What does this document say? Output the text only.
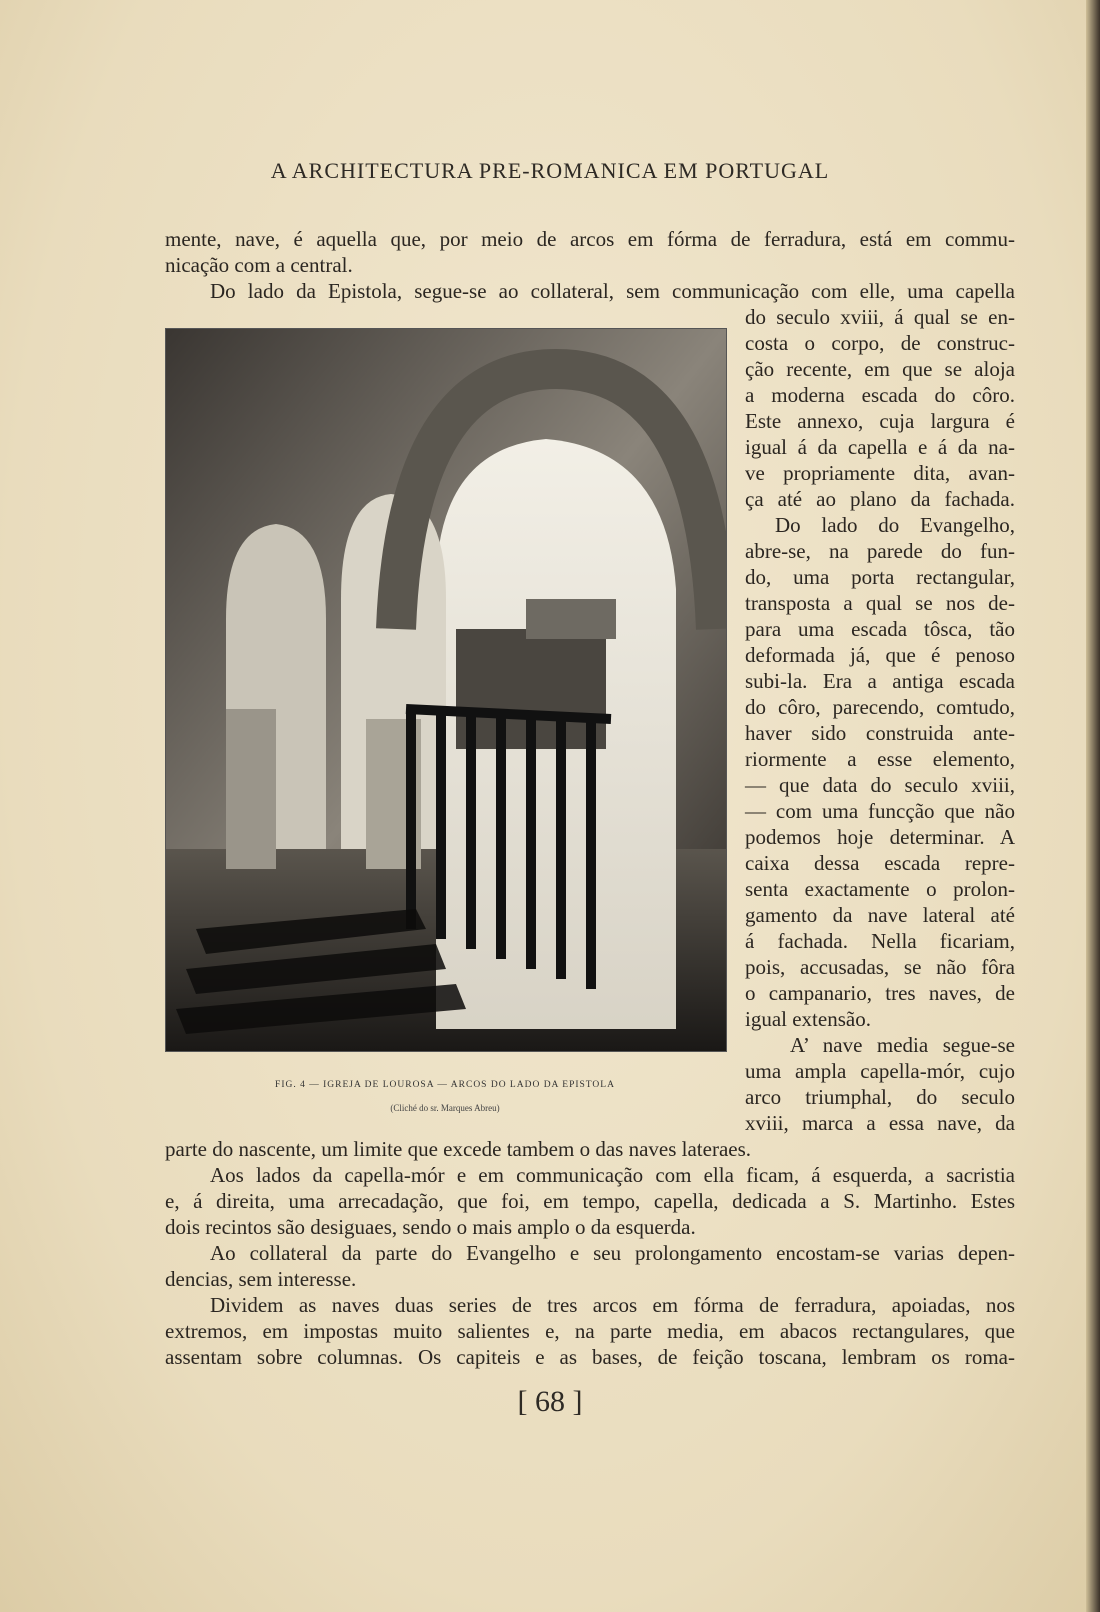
A ARCHITECTURA PRE-ROMANICA EM PORTUGAL
mente, nave, é aquella que, por meio de arcos em fórma de ferradura, está em commu-
nicação com a central.
Do lado da Epistola, segue-se ao collateral, sem communicação com elle, uma capella
FIG. 4 — IGREJA DE LOUROSA — ARCOS DO LADO DA EPISTOLA
(Cliché do sr. Marques Abreu)
do seculo xviii, á qual se en-
costa o corpo, de construc-
ção recente, em que se aloja
a moderna escada do côro.
Este annexo, cuja largura é
igual á da capella e á da na-
ve propriamente dita, avan-
ça até ao plano da fachada.
Do lado do Evangelho,
abre-se, na parede do fun-
do, uma porta rectangular,
transposta a qual se nos de-
para uma escada tôsca, tão
deformada já, que é penoso
subi-la. Era a antiga escada
do côro, parecendo, comtudo,
haver sido construida ante-
riormente a esse elemento,
— que data do seculo xviii,
— com uma funcção que não
podemos hoje determinar. A
caixa dessa escada repre-
senta exactamente o prolon-
gamento da nave lateral até
á fachada. Nella ficariam,
pois, accusadas, se não fôra
o campanario, tres naves, de
igual extensão.
A’ nave media segue-se
uma ampla capella-mór, cujo
arco triumphal, do seculo
xviii, marca a essa nave, da
parte do nascente, um limite que excede tambem o das naves lateraes.
Aos lados da capella-mór e em communicação com ella ficam, á esquerda, a sacristia
e, á direita, uma arrecadação, que foi, em tempo, capella, dedicada a S. Martinho. Estes
dois recintos são desiguaes, sendo o mais amplo o da esquerda.
Ao collateral da parte do Evangelho e seu prolongamento encostam-se varias depen-
dencias, sem interesse.
Dividem as naves duas series de tres arcos em fórma de ferradura, apoiadas, nos
extremos, em impostas muito salientes e, na parte media, em abacos rectangulares, que
assentam sobre columnas. Os capiteis e as bases, de feição toscana, lembram os roma-
[ 68 ]
